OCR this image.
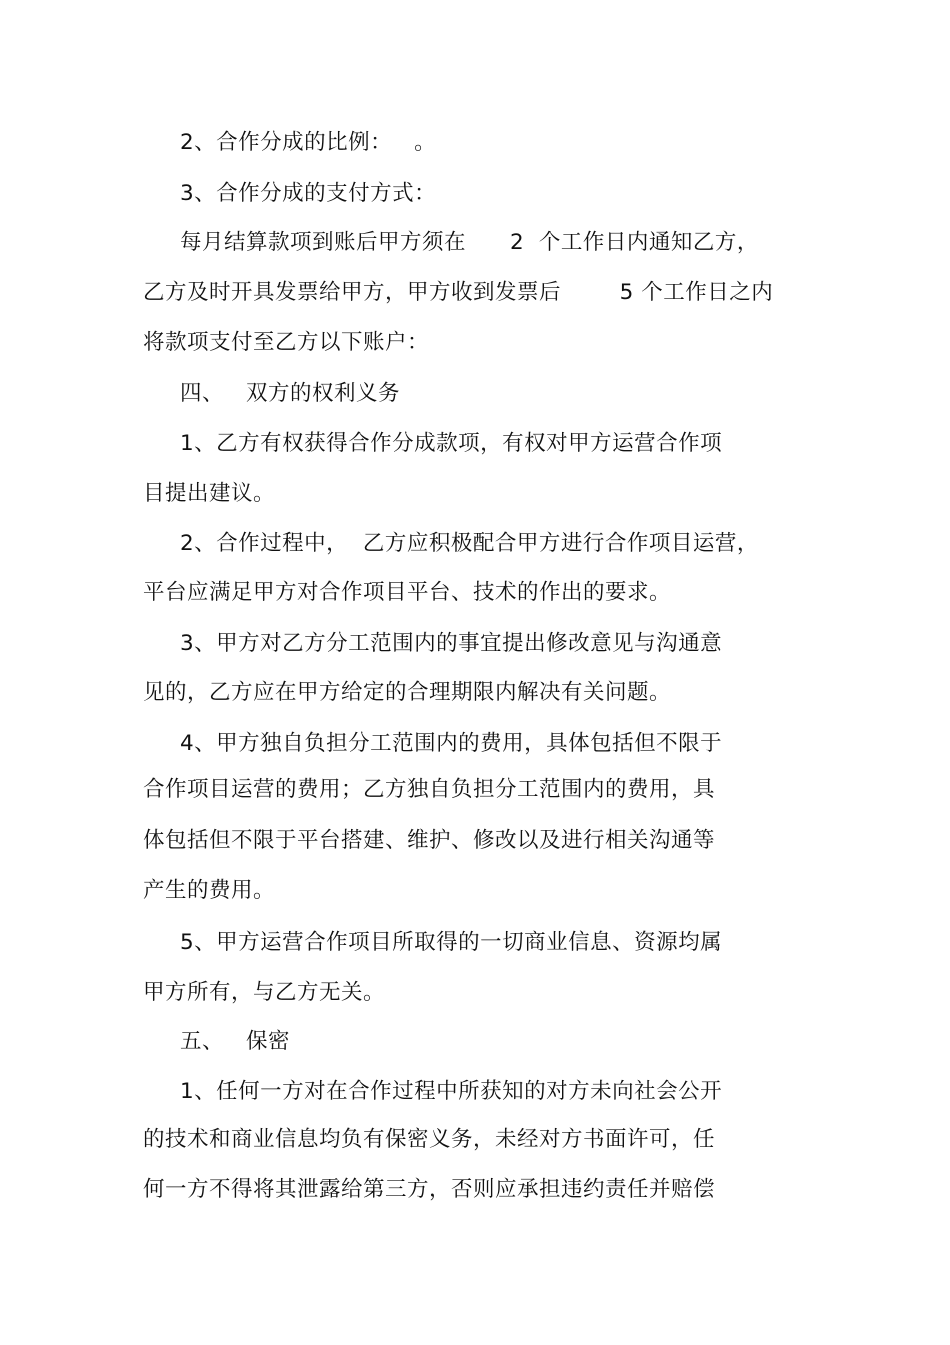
2、合作分成的比例：   。
3、合作分成的支付方式：
每月结算款项到账后甲方须在      2  个工作日内通知乙方，
乙方及时开具发票给甲方，甲方收到发票后        5 个工作日之内
将款项支付至乙方以下账户：
四、   双方的权利义务
1、乙方有权获得合作分成款项，有权对甲方运营合作项
目提出建议。
2、合作过程中，  乙方应积极配合甲方进行合作项目运营，
平台应满足甲方对合作项目平台、技术的作出的要求。
3、甲方对乙方分工范围内的事宜提出修改意见与沟通意
见的，乙方应在甲方给定的合理期限内解决有关问题。
4、甲方独自负担分工范围内的费用，具体包括但不限于
合作项目运营的费用；乙方独自负担分工范围内的费用，具
体包括但不限于平台搭建、维护、修改以及进行相关沟通等
产生的费用。
5、甲方运营合作项目所取得的一切商业信息、资源均属
甲方所有，与乙方无关。
五、   保密
1、任何一方对在合作过程中所获知的对方未向社会公开
的技术和商业信息均负有保密义务，未经对方书面许可，任
何一方不得将其泄露给第三方，否则应承担违约责任并赔偿
